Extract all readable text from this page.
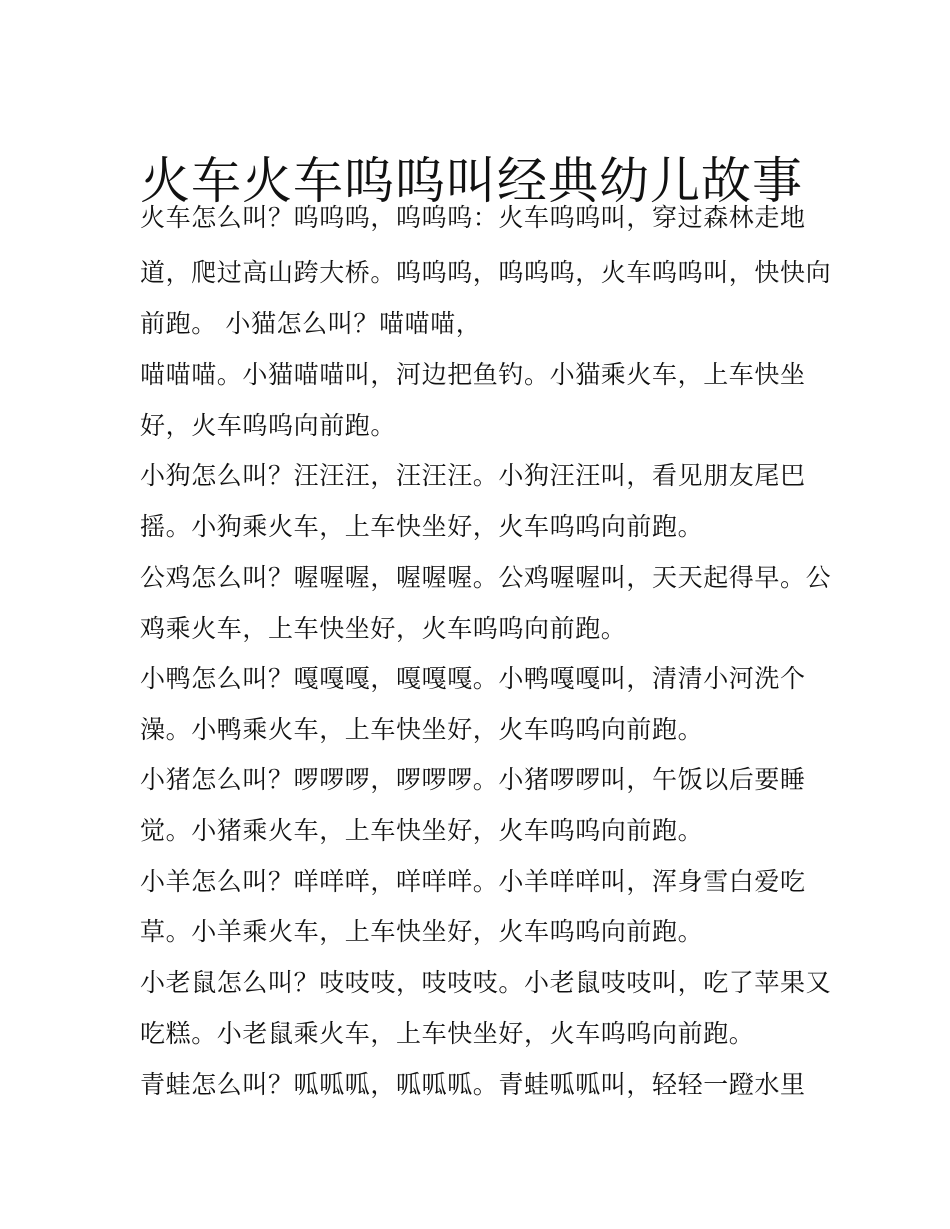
火车火车呜呜叫经典幼儿故事
火车怎么叫？呜呜呜，呜呜呜：火车呜呜叫，穿过森林走地
道，爬过高山跨大桥。呜呜呜，呜呜呜，火车呜呜叫，快快向
前跑。 小猫怎么叫？喵喵喵，
喵喵喵。小猫喵喵叫，河边把鱼钓。小猫乘火车，上车快坐
好，火车呜呜向前跑。
小狗怎么叫？汪汪汪，汪汪汪。小狗汪汪叫，看见朋友尾巴
摇。小狗乘火车，上车快坐好，火车呜呜向前跑。
公鸡怎么叫？喔喔喔，喔喔喔。公鸡喔喔叫，天天起得早。公
鸡乘火车，上车快坐好，火车呜呜向前跑。
小鸭怎么叫？嘎嘎嘎，嘎嘎嘎。小鸭嘎嘎叫，清清小河洗个
澡。小鸭乘火车，上车快坐好，火车呜呜向前跑。
小猪怎么叫？啰啰啰，啰啰啰。小猪啰啰叫，午饭以后要睡
觉。小猪乘火车，上车快坐好，火车呜呜向前跑。
小羊怎么叫？咩咩咩，咩咩咩。小羊咩咩叫，浑身雪白爱吃
草。小羊乘火车，上车快坐好，火车呜呜向前跑。
小老鼠怎么叫？吱吱吱，吱吱吱。小老鼠吱吱叫，吃了苹果又
吃糕。小老鼠乘火车，上车快坐好，火车呜呜向前跑。
青蛙怎么叫？呱呱呱，呱呱呱。青蛙呱呱叫，轻轻一蹬水里
